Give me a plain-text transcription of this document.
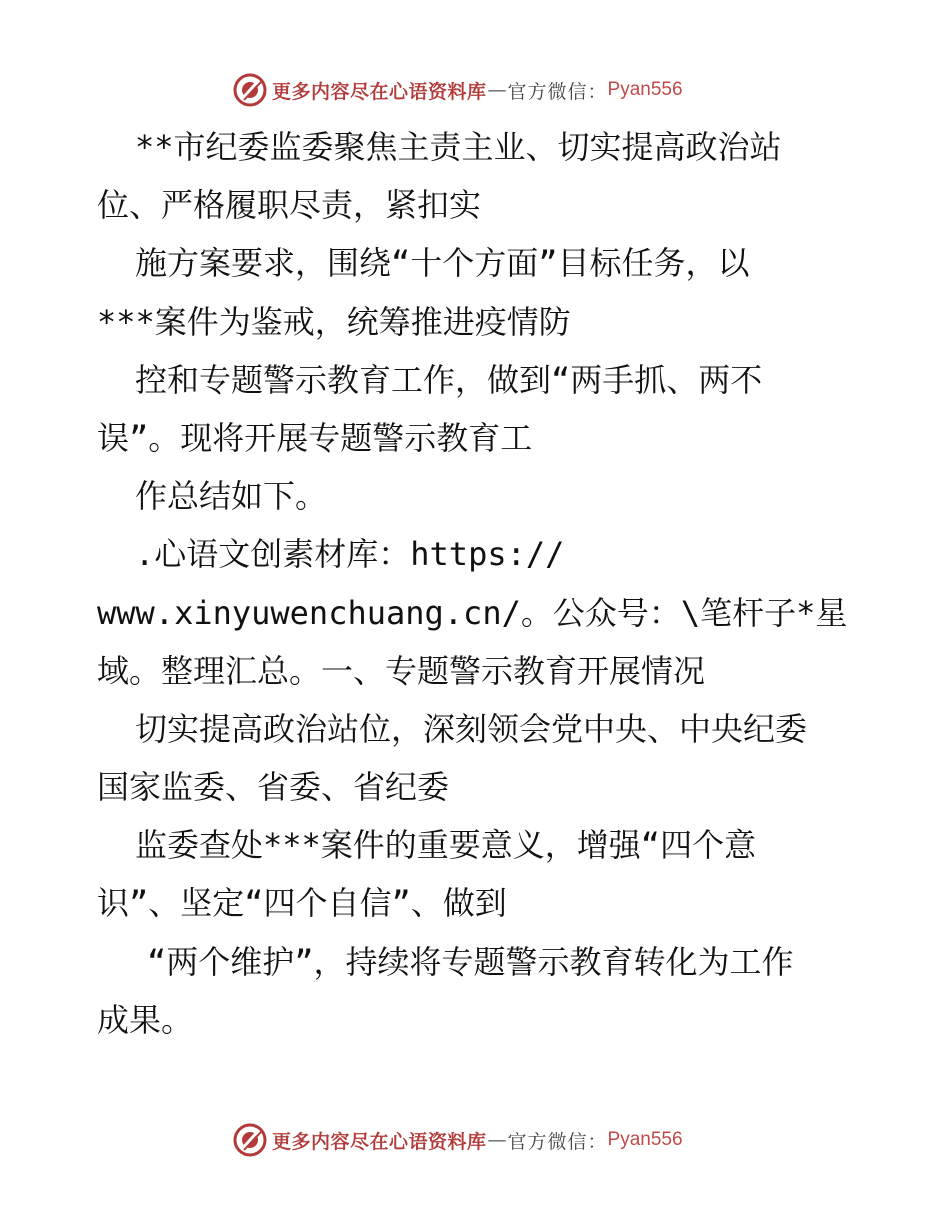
更多内容尽在心语资料库 — 官方微信： Pyan556
**市纪委监委聚焦主责主业、切实提高政治站
位、严格履职尽责，紧扣实
施方案要求，围绕“十个方面”目标任务，以
***案件为鉴戒，统筹推进疫情防
控和专题警示教育工作，做到“两手抓、两不
误”。现将开展专题警示教育工
作总结如下。
.心语文创素材库：https://
www.xinyuwenchuang.cn/。公众号：\笔杆子*星
域。整理汇总。一、专题警示教育开展情况
切实提高政治站位，深刻领会党中央、中央纪委
国家监委、省委、省纪委
监委查处***案件的重要意义，增强“四个意
识”、坚定“四个自信”、做到
“两个维护”，持续将专题警示教育转化为工作
成果。
更多内容尽在心语资料库 — 官方微信： Pyan556
